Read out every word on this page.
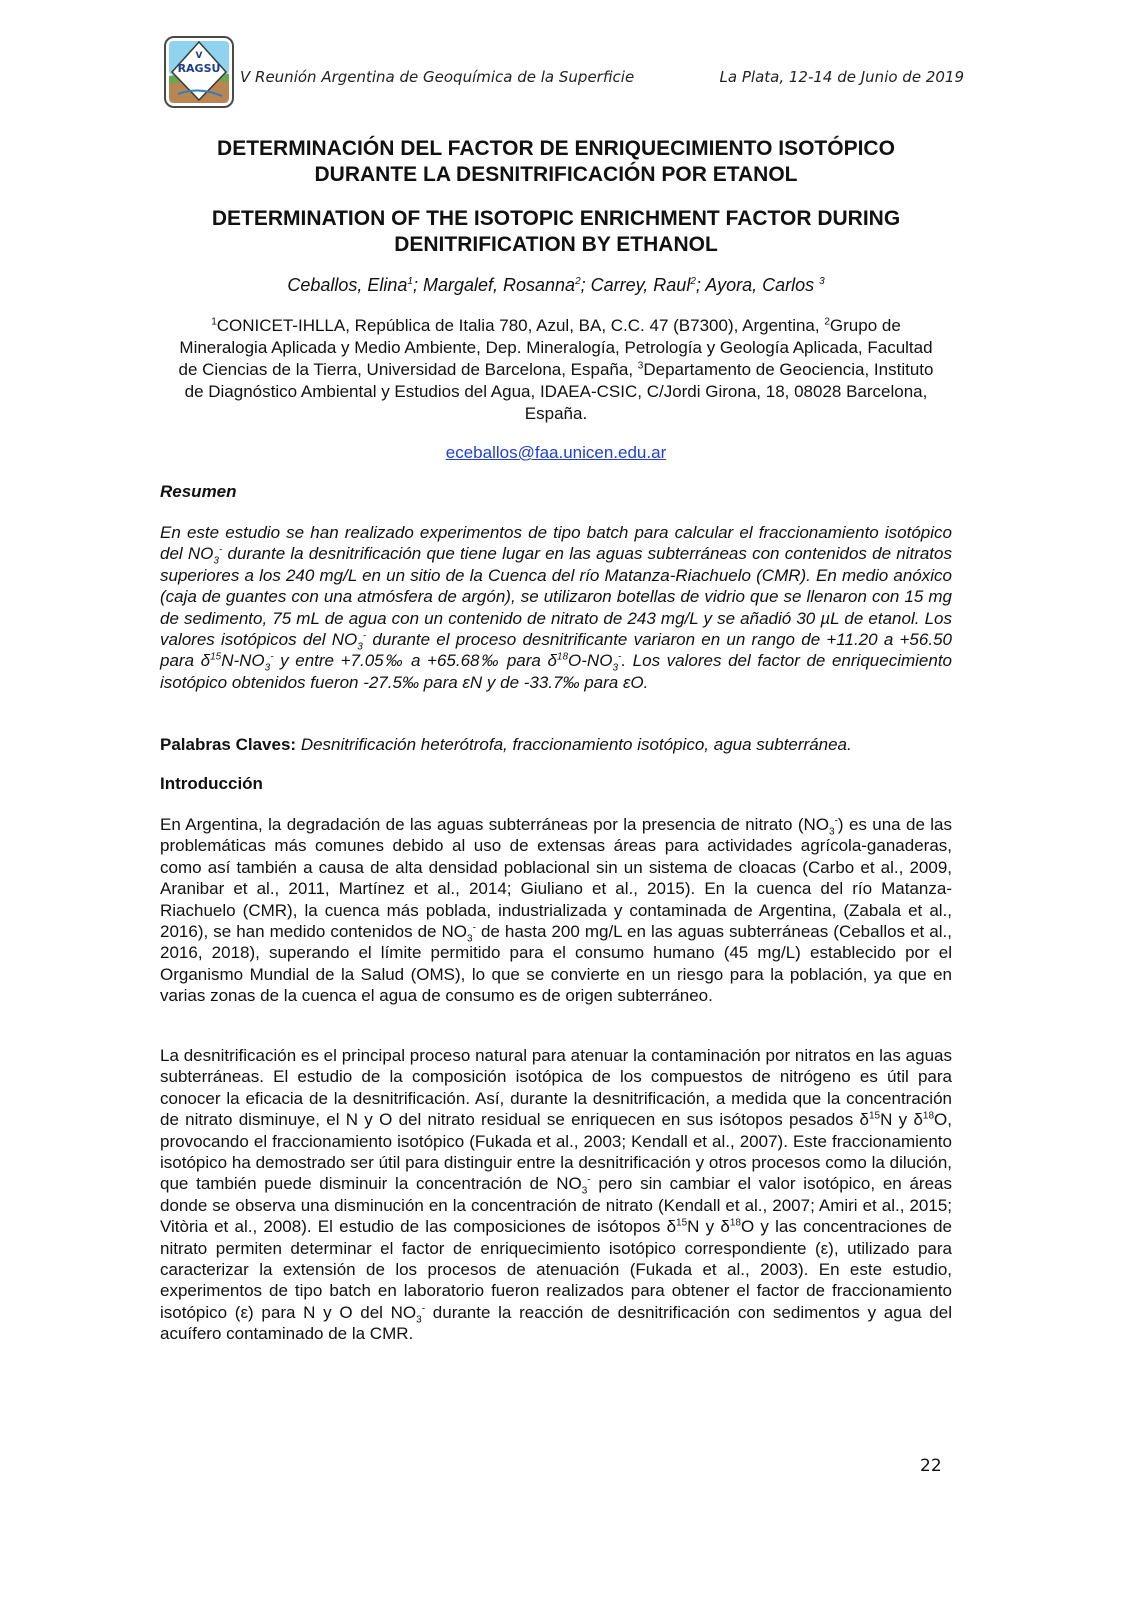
V
RAGSU V Reunión Argentina de Geoquímica de la Superficie	La Plata, 12-14 de Junio de 2019
DETERMINACIÓN DEL FACTOR DE ENRIQUECIMIENTO ISOTÓPICO
DURANTE LA DESNITRIFICACIÓN POR ETANOL
DETERMINATION OF THE ISOTOPIC ENRICHMENT FACTOR DURING
DENITRIFICATION BY ETHANOL
Ceballos, Elina$^1$; Margalef, Rosanna$^2$; Carrey, Raul$^2$; Ayora, Carlos $^3$
$^1$CONICET-IHLLA, República de Italia 780, Azul, BA, C.C. 47 (B7300), Argentina, $^2$Grupo de Mineralogia Aplicada y Medio Ambiente, Dep. Mineralogía, Petrología y Geología Aplicada, Facultad de Ciencias de la Tierra, Universidad de Barcelona, España, $^3$Departamento de Geociencia, Instituto de Diagnóstico Ambiental y Estudios del Agua, IDAEA-CSIC, C/Jordi Girona, 18, 08028 Barcelona, España.
eceballos@faa.unicen.edu.ar
Resumen
En este estudio se han realizado experimentos de tipo batch para calcular el fraccionamiento isotópico del $NO_3^-$ durante la desnitrificación que tiene lugar en las aguas subterráneas con contenidos de nitratos superiores a los 240 mg/L en un sitio de la Cuenca del río Matanza-Riachuelo (CMR). En medio anóxico (caja de guantes con una atmósfera de argón), se utilizaron botellas de vidrio que se llenaron con 15 mg de sedimento, 75 mL de agua con un contenido de nitrato de 243 mg/L y se añadió 30 µL de etanol. Los valores isotópicos del $NO_3^-$ durante el proceso desnitrificante variaron en un rango de +11.20 a +56.50 para $\delta^{15}N-NO_3^-$ y entre +7.05‰ a +65.68‰ para $\delta^{18}O-NO_3^-$. Los valores del factor de enriquecimiento isotópico obtenidos fueron -27.5‰ para εN y de -33.7‰ para εO.
Palabras Claves: Desnitrificación heterótrofa, fraccionamiento isotópico, agua subterránea.
Introducción
En Argentina, la degradación de las aguas subterráneas por la presencia de nitrato $(NO_3^-)$ es una de las problemáticas más comunes debido al uso de extensas áreas para actividades agrícola-ganaderas, como así también a causa de alta densidad poblacional sin un sistema de cloacas (Carbo et al., 2009, Aranibar et al., 2011, Martínez et al., 2014; Giuliano et al., 2015). En la cuenca del río Matanza-Riachuelo (CMR), la cuenca más poblada, industrializada y contaminada de Argentina, (Zabala et al., 2016), se han medido contenidos de $NO_3^-$ de hasta 200 mg/L en las aguas subterráneas (Ceballos et al., 2016, 2018), superando el límite permitido para el consumo humano (45 mg/L) establecido por el Organismo Mundial de la Salud (OMS), lo que se convierte en un riesgo para la población, ya que en varias zonas de la cuenca el agua de consumo es de origen subterráneo.
La desnitrificación es el principal proceso natural para atenuar la contaminación por nitratos en las aguas subterráneas. El estudio de la composición isotópica de los compuestos de nitrógeno es útil para conocer la eficacia de la desnitrificación. Así, durante la desnitrificación, a medida que la concentración de nitrato disminuye, el N y O del nitrato residual se enriquecen en sus isótopos pesados $\delta^{15}N$ y $\delta^{18}O$, provocando el fraccionamiento isotópico (Fukada et al., 2003; Kendall et al., 2007). Este fraccionamiento isotópico ha demostrado ser útil para distinguir entre la desnitrificación y otros procesos como la dilución, que también puede disminuir la concentración de $NO_3^-$ pero sin cambiar el valor isotópico, en áreas donde se observa una disminución en la concentración de nitrato (Kendall et al., 2007; Amiri et al., 2015; Vitòria et al., 2008). El estudio de las composiciones de isótopos $\delta^{15}N$ y $\delta^{18}O$ y las concentraciones de nitrato permiten determinar el factor de enriquecimiento isotópico correspondiente (ε), utilizado para caracterizar la extensión de los procesos de atenuación (Fukada et al., 2003). En este estudio, experimentos de tipo batch en laboratorio fueron realizados para obtener el factor de fraccionamiento isotópico (ε) para N y O del $NO_3^-$ durante la reacción de desnitrificación con sedimentos y agua del acuífero contaminado de la CMR.
22
